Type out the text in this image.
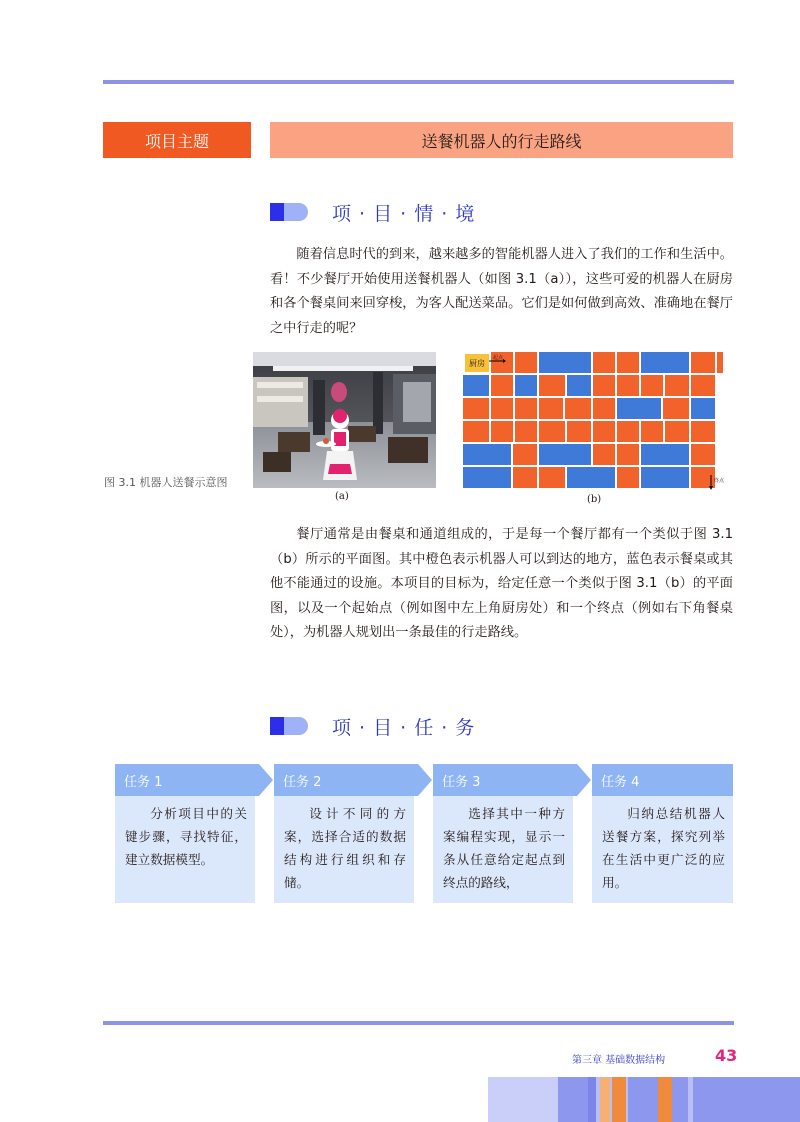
项目主题	送餐机器人的行走路线
项 · 目 · 情 · 境

随着信息时代的到来，越来越多的智能机器人进入了我们的工作和生活中。看！不少餐厅开始使用送餐机器人（如图 3.1（a）），这些可爱的机器人在厨房和各个餐桌间来回穿梭，为客人配送菜品。它们是如何做到高效、准确地在餐厅之中行走的呢？

厨房
起点
终点
(a)	(b)
图 3.1 机器人送餐示意图

餐厅通常是由餐桌和通道组成的，于是每一个餐厅都有一个类似于图 3.1（b）所示的平面图。其中橙色表示机器人可以到达的地方，蓝色表示餐桌或其他不能通过的设施。本项目的目标为，给定任意一个类似于图 3.1（b）的平面图，以及一个起始点（例如图中左上角厨房处）和一个终点（例如右下角餐桌处），为机器人规划出一条最佳的行走路线。

项 · 目 · 任 · 务
任务 1
分析项目中的关键步骤，寻找特征，建立数据模型。
任务 2
设计不同的方案，选择合适的数据结构进行组织和存储。
任务 3
选择其中一种方案编程实现，显示一条从任意给定起点到终点的路线，
任务 4
归纳总结机器人送餐方案，探究列举在生活中更广泛的应用。
第三章 基础数据结构	43
